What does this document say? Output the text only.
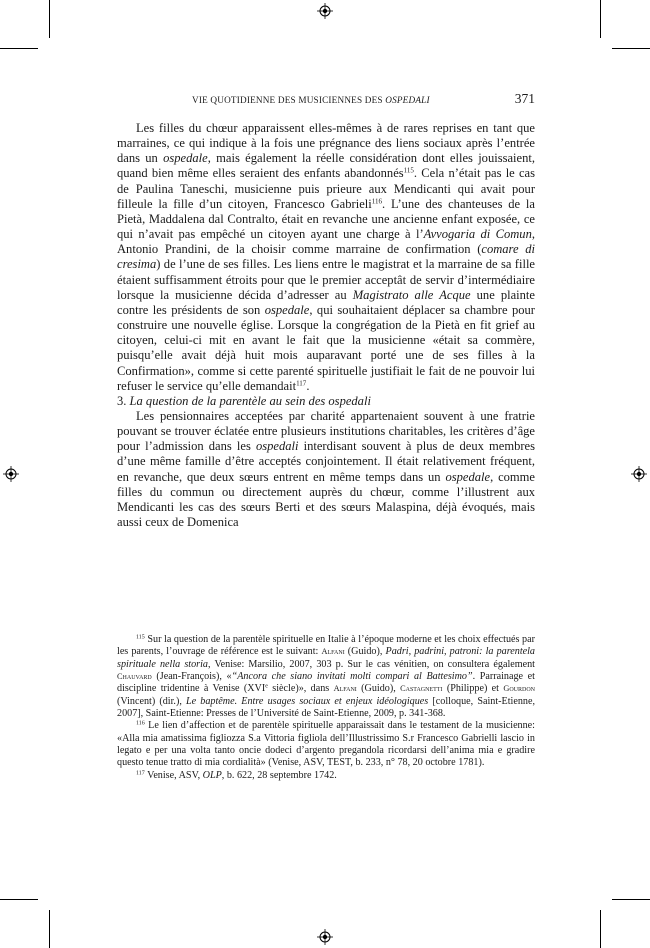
VIE QUOTIDIENNE DES MUSICIENNES DES OSPEDALI	371

Les filles du chœur apparaissent elles-mêmes à de rares reprises en tant que marraines, ce qui indique à la fois une prégnance des liens sociaux après l’entrée dans un ospedale, mais également la réelle considération dont elles jouissaient, quand bien même elles seraient des enfants abandonnés$^{115}$. Cela n’était pas le cas de Paulina Taneschi, musicienne puis prieure aux Mendicanti qui avait pour filleule la fille d’un citoyen, Francesco Gabrieli$^{116}$. L’une des chanteuses de la Pietà, Maddalena dal Contralto, était en revanche une ancienne enfant exposée, ce qui n’avait pas empêché un citoyen ayant une charge à l’Avvogaria di Comun, Antonio Prandini, de la choisir comme marraine de confirmation (comare di cresima) de l’une de ses filles. Les liens entre le magistrat et la marraine de sa fille étaient suffisamment étroits pour que le premier acceptât de servir d’intermédiaire lorsque la musicienne décida d’adresser au Magistrato alle Acque une plainte contre les présidents de son ospedale, qui souhaitaient déplacer sa chambre pour construire une nouvelle église. Lorsque la congrégation de la Pietà en fit grief au citoyen, celui-ci mit en avant le fait que la musicienne «était sa commère, puisqu’elle avait déjà huit mois auparavant porté une de ses filles à la Confirmation», comme si cette parenté spirituelle justifiait le fait de ne pouvoir lui refuser le service qu’elle demandait$^{117}$.

3. La question de la parentèle au sein des ospedali

Les pensionnaires acceptées par charité appartenaient souvent à une fratrie pouvant se trouver éclatée entre plusieurs institutions charitables, les critères d’âge pour l’admission dans les ospedali interdisant souvent à plus de deux membres d’une même famille d’être acceptés conjointement. Il était relativement fréquent, en revanche, que deux sœurs entrent en même temps dans un ospedale, comme filles du commun ou directement auprès du chœur, comme l’illustrent aux Mendicanti les cas des sœurs Berti et des sœurs Malaspina, déjà évoqués, mais aussi ceux de Domenica

$^{115}$ Sur la question de la parentèle spirituelle en Italie à l’époque moderne et les choix effectués par les parents, l’ouvrage de référence est le suivant: Alfani (Guido), Padri, padrini, patroni: la parentela spirituale nella storia, Venise: Marsilio, 2007, 303 p. Sur le cas vénitien, on consultera également Chauvard (Jean-François), «“Ancora che siano invitati molti compari al Battesimo”. Parrainage et discipline tridentine à Venise (XVIe siècle)», dans Alfani (Guido), Castagnetti (Philippe) et Gourdon (Vincent) (dir.), Le baptême. Entre usages sociaux et enjeux idéologiques [colloque, Saint-Etienne, 2007], Saint-Etienne: Presses de l’Université de Saint-Etienne, 2009, p. 341-368.

$^{116}$ Le lien d’affection et de parentèle spirituelle apparaissait dans le testament de la musicienne: «Alla mia amatissima figliozza S.a Vittoria figliola dell’Illustrissimo S.r Francesco Gabrielli lascio in legato e per una volta tanto oncie dodeci d’argento pregandola ricordarsi dell’anima mia e gradire questo tenue tratto di mia cordialità» (Venise, ASV, TEST, b. 233, n° 78, 20 octobre 1781).

$^{117}$ Venise, ASV, OLP, b. 622, 28 septembre 1742.
